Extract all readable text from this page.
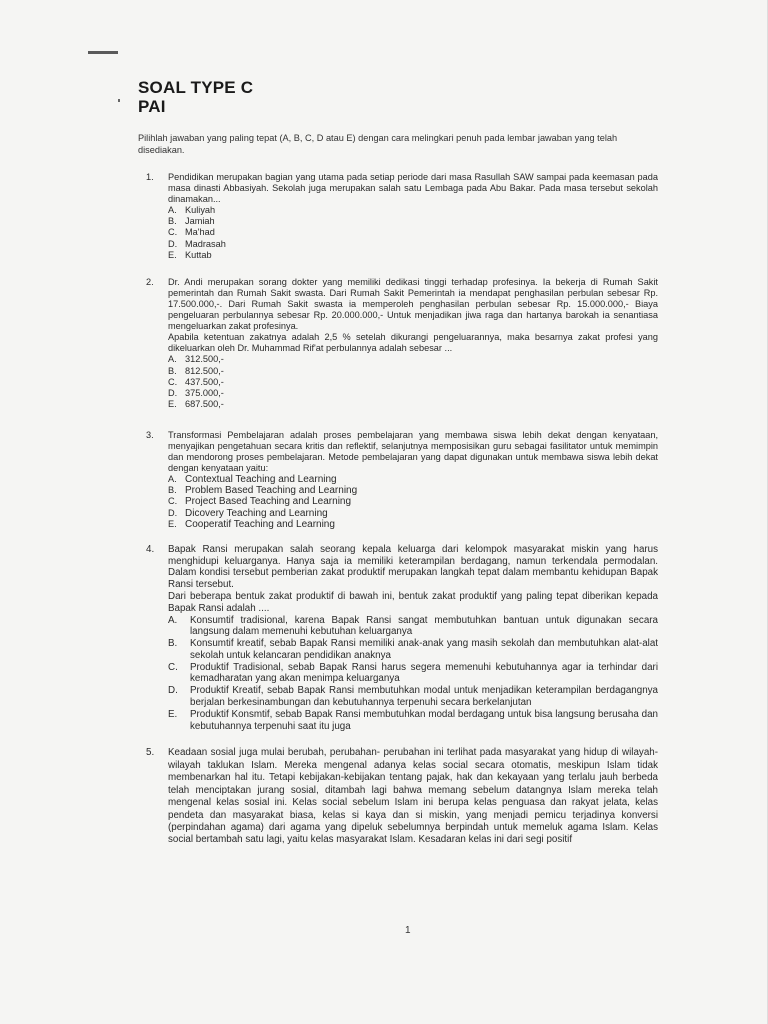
SOAL TYPE C
PAI
Pilihlah jawaban yang paling tepat (A, B, C, D atau E) dengan cara melingkari penuh pada lembar jawaban yang telah disediakan.
1. Pendidikan merupakan bagian yang utama pada setiap periode dari masa Rasullah SAW sampai pada keemasan pada masa dinasti Abbasiyah. Sekolah juga merupakan salah satu Lembaga pada Abu Bakar. Pada masa tersebut sekolah dinamakan...

A. Kuliyah
B. Jamiah
C. Ma'had
D. Madrasah
E. Kuttab
2. Dr. Andi merupakan sorang dokter yang memiliki dedikasi tinggi terhadap profesinya. Ia bekerja di Rumah Sakit pemerintah dan Rumah Sakit swasta. Dari Rumah Sakit Pemerintah ia mendapat penghasilan perbulan sebesar Rp. 17.500.000,-. Dari Rumah Sakit swasta ia memperoleh penghasilan perbulan sebesar Rp. 15.000.000,- Biaya pengeluaran perbulannya sebesar Rp. 20.000.000,- Untuk menjadikan jiwa raga dan hartanya barokah ia senantiasa mengeluarkan zakat profesinya.

Apabila ketentuan zakatnya adalah 2,5 % setelah dikurangi pengeluarannya, maka besarnya zakat profesi yang dikeluarkan oleh Dr. Muhammad Rif'at perbulannya adalah sebesar ...

A. 312.500,-
B. 812.500,-
C. 437.500,-
D. 375.000,-
E. 687.500,-
3. Transformasi Pembelajaran adalah proses pembelajaran yang membawa siswa lebih dekat dengan kenyataan, menyajikan pengetahuan secara kritis dan reflektif, selanjutnya memposisikan guru sebagai fasilitator untuk memimpin dan mendorong proses pembelajaran. Metode pembelajaran yang dapat digunakan untuk membawa siswa lebih dekat dengan kenyataan yaitu:

A. Contextual Teaching and Learning
B. Problem Based Teaching and Learning
C. Project Based Teaching and Learning
D. Dicovery Teaching and Learning
E. Cooperatif Teaching and Learning
4. Bapak Ransi merupakan salah seorang kepala keluarga dari kelompok masyarakat miskin yang harus menghidupi keluarganya. Hanya saja ia memiliki keterampilan berdagang, namun terkendala permodalan. Dalam kondisi tersebut pemberian zakat produktif merupakan langkah tepat dalam membantu kehidupan Bapak Ransi tersebut.

Dari beberapa bentuk zakat produktif di bawah ini, bentuk zakat produktif yang paling tepat diberikan kepada Bapak Ransi adalah ....

A.	Konsumtif tradisional, karena Bapak Ransi sangat membutuhkan bantuan untuk digunakan secara langsung dalam memenuhi kebutuhan keluarganya
B.	Konsumtif kreatif, sebab Bapak Ransi memiliki anak-anak yang masih sekolah dan membutuhkan alat-alat sekolah untuk kelancaran pendidikan anaknya
C.	Produktif Tradisional, sebab Bapak Ransi harus segera memenuhi kebutuhannya agar ia terhindar dari kemadharatan yang akan menimpa keluarganya
D.	Produktif Kreatif, sebab Bapak Ransi membutuhkan modal untuk menjadikan keterampilan berdagangnya berjalan berkesinambungan dan kebutuhannya terpenuhi secara berkelanjutan
E.	Produktif Konsmtif, sebab Bapak Ransi membutuhkan modal berdagang untuk bisa langsung berusaha dan kebutuhannya terpenuhi saat itu juga
5. Keadaan sosial juga mulai berubah, perubahan- perubahan ini terlihat pada masyarakat yang hidup di wilayah-wilayah taklukan Islam. Mereka mengenal adanya kelas social secara otomatis, meskipun Islam tidak membenarkan hal itu. Tetapi kebijakan-kebijakan tentang pajak, hak dan kekayaan yang terlalu jauh berbeda telah menciptakan jurang sosial, ditambah lagi bahwa memang sebelum datangnya Islam mereka telah mengenal kelas sosial ini. Kelas social sebelum Islam ini berupa kelas penguasa dan rakyat jelata, kelas pendeta dan masyarakat biasa, kelas si kaya dan si miskin, yang menjadi pemicu terjadinya konversi (perpindahan agama) dari agama yang dipeluk sebelumnya berpindah untuk memeluk agama Islam. Kelas social bertambah satu lagi, yaitu kelas masyarakat Islam. Kesadaran kelas ini dari segi positif

1
